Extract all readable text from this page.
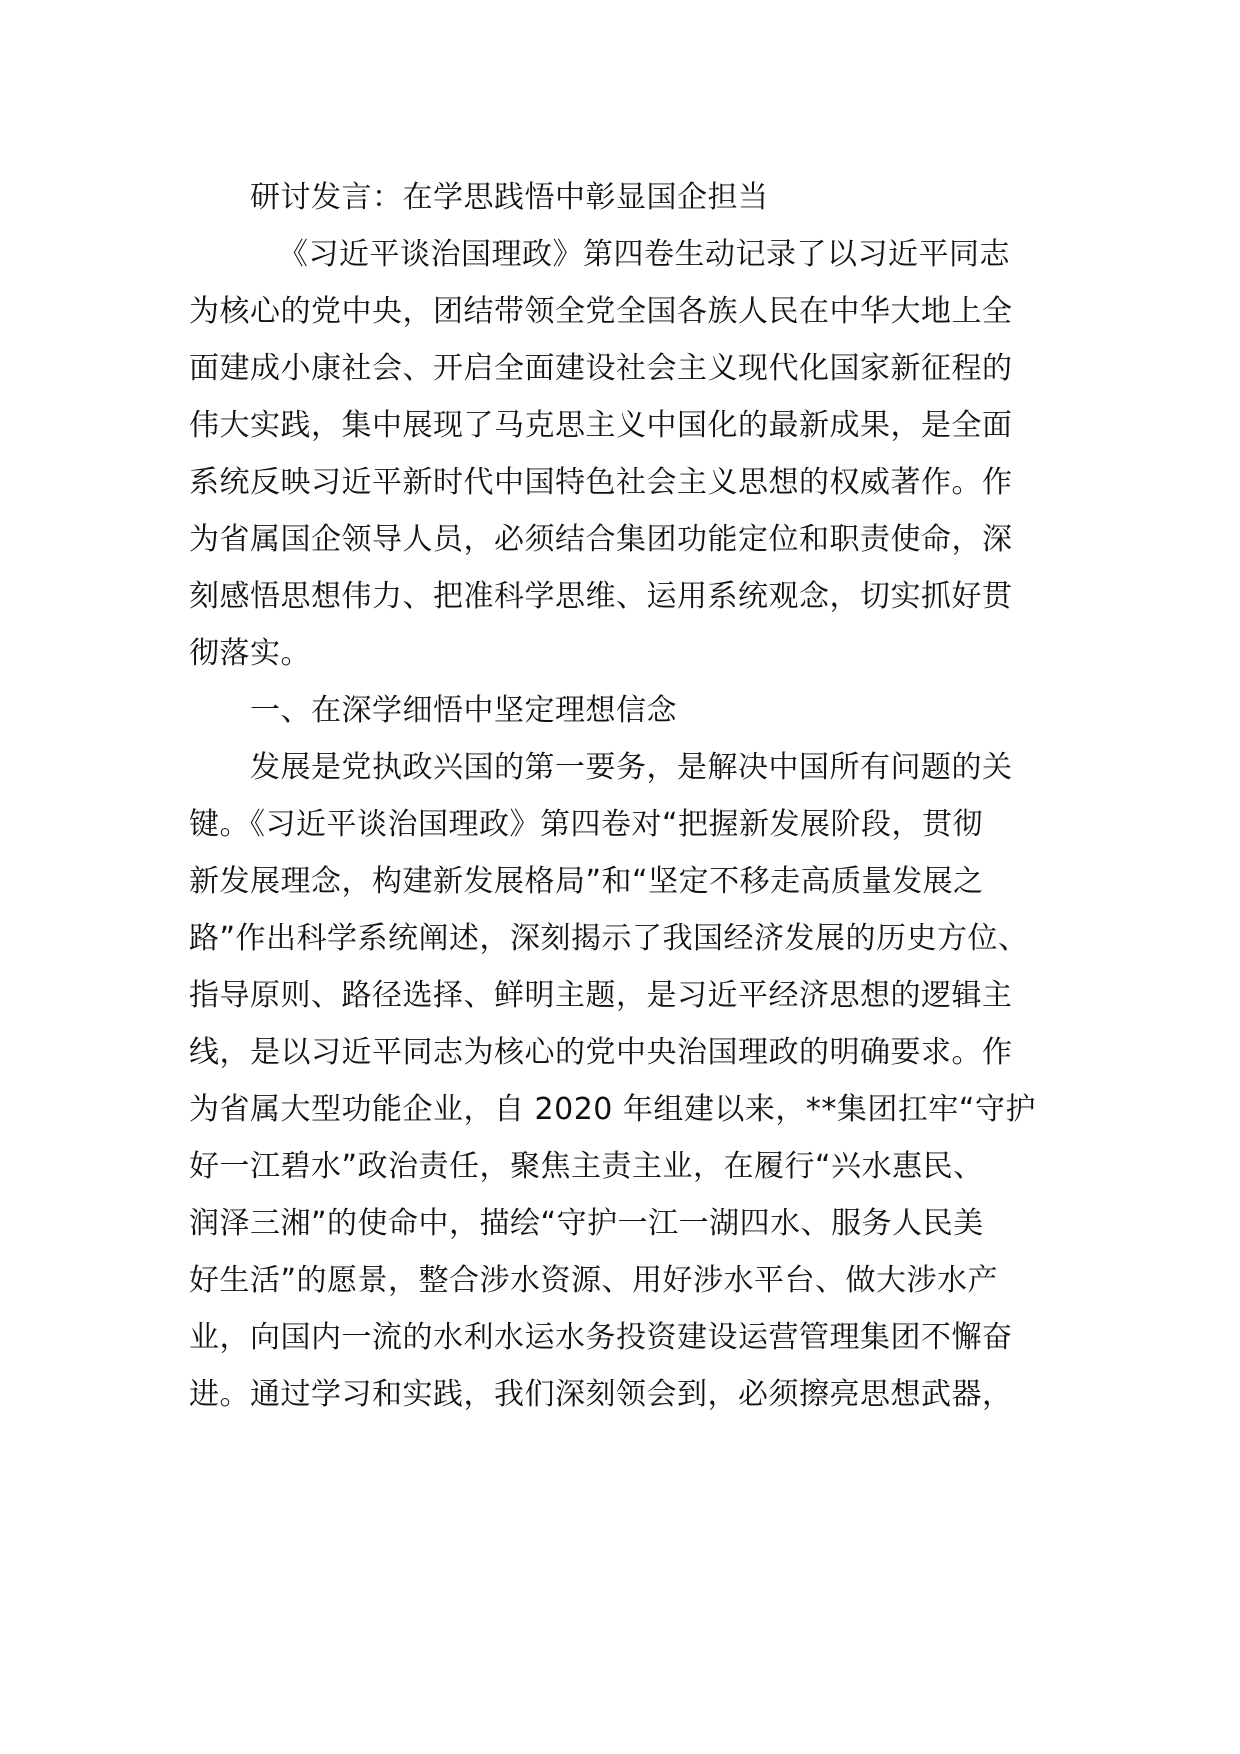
研讨发言：在学思践悟中彰显国企担当
《习近平谈治国理政》第四卷生动记录了以习近平同志
为核心的党中央，团结带领全党全国各族人民在中华大地上全
面建成小康社会、开启全面建设社会主义现代化国家新征程的
伟大实践，集中展现了马克思主义中国化的最新成果，是全面
系统反映习近平新时代中国特色社会主义思想的权威著作。作
为省属国企领导人员，必须结合集团功能定位和职责使命，深
刻感悟思想伟力、把准科学思维、运用系统观念，切实抓好贯
彻落实。
一、在深学细悟中坚定理想信念
发展是党执政兴国的第一要务，是解决中国所有问题的关
键。《习近平谈治国理政》第四卷对“把握新发展阶段，贯彻
新发展理念，构建新发展格局”和“坚定不移走高质量发展之
路”作出科学系统阐述，深刻揭示了我国经济发展的历史方位、
指导原则、路径选择、鲜明主题，是习近平经济思想的逻辑主
线，是以习近平同志为核心的党中央治国理政的明确要求。作
为省属大型功能企业，自 2020 年组建以来，**集团扛牢“守护
好一江碧水”政治责任，聚焦主责主业，在履行“兴水惠民、
润泽三湘”的使命中，描绘“守护一江一湖四水、服务人民美
好生活”的愿景，整合涉水资源、用好涉水平台、做大涉水产
业，向国内一流的水利水运水务投资建设运营管理集团不懈奋
进。通过学习和实践，我们深刻领会到，必须擦亮思想武器，
